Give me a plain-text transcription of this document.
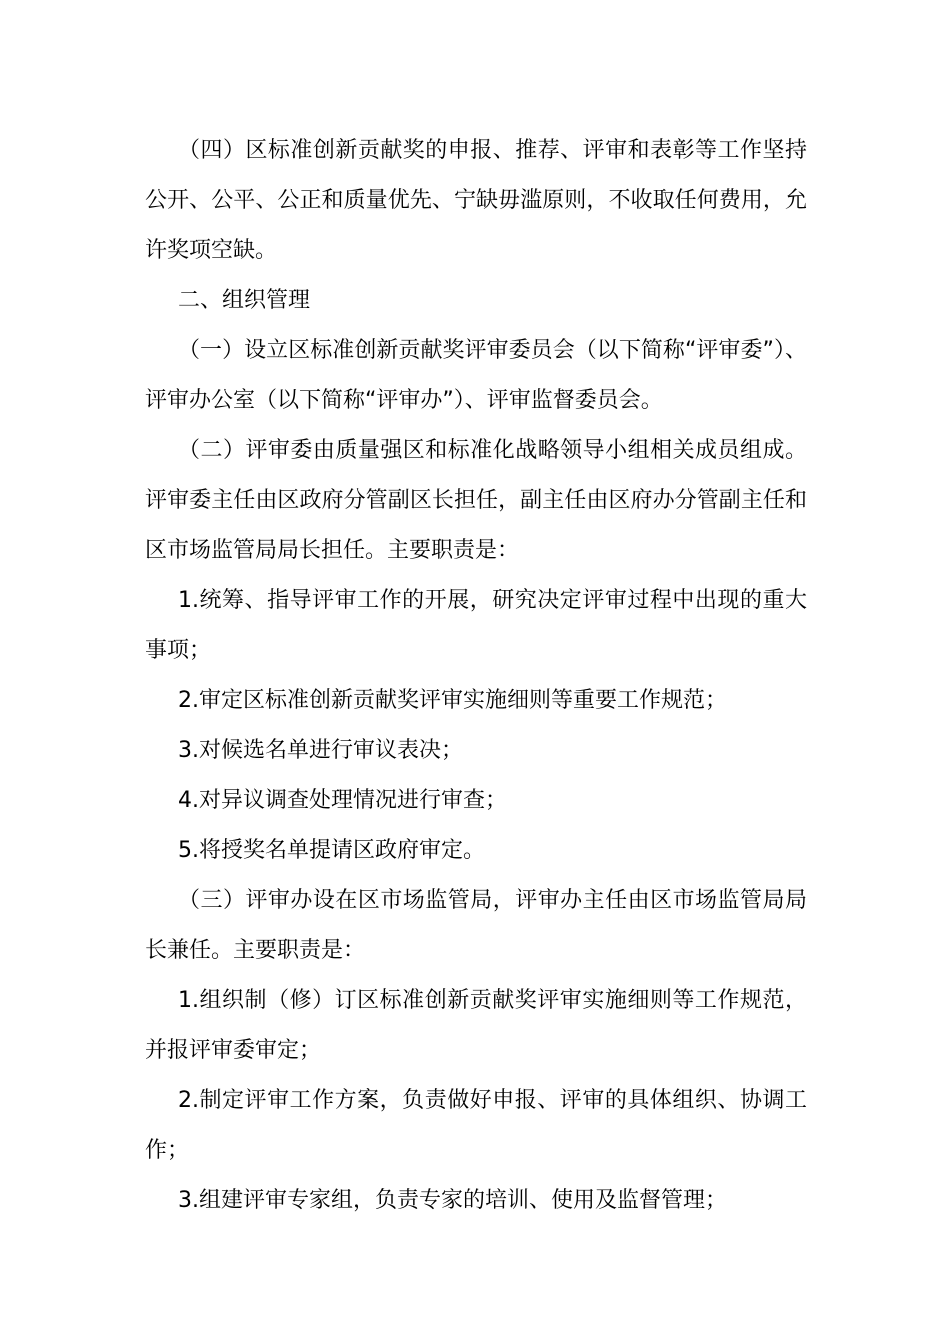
（四）区标准创新贡献奖的申报、推荐、评审和表彰等工作坚持公开、公平、公正和质量优先、宁缺毋滥原则，不收取任何费用，允许奖项空缺。

二、组织管理

（一）设立区标准创新贡献奖评审委员会（以下简称“评审委”）、评审办公室（以下简称“评审办”）、评审监督委员会。

（二）评审委由质量强区和标准化战略领导小组相关成员组成。评审委主任由区政府分管副区长担任，副主任由区府办分管副主任和区市场监管局局长担任。主要职责是：

1.统筹、指导评审工作的开展，研究决定评审过程中出现的重大事项；

2.审定区标准创新贡献奖评审实施细则等重要工作规范；

3.对候选名单进行审议表决；

4.对异议调查处理情况进行审查；

5.将授奖名单提请区政府审定。

（三）评审办设在区市场监管局，评审办主任由区市场监管局局长兼任。主要职责是：

1.组织制（修）订区标准创新贡献奖评审实施细则等工作规范，并报评审委审定；

2.制定评审工作方案，负责做好申报、评审的具体组织、协调工作；

3.组建评审专家组，负责专家的培训、使用及监督管理；
